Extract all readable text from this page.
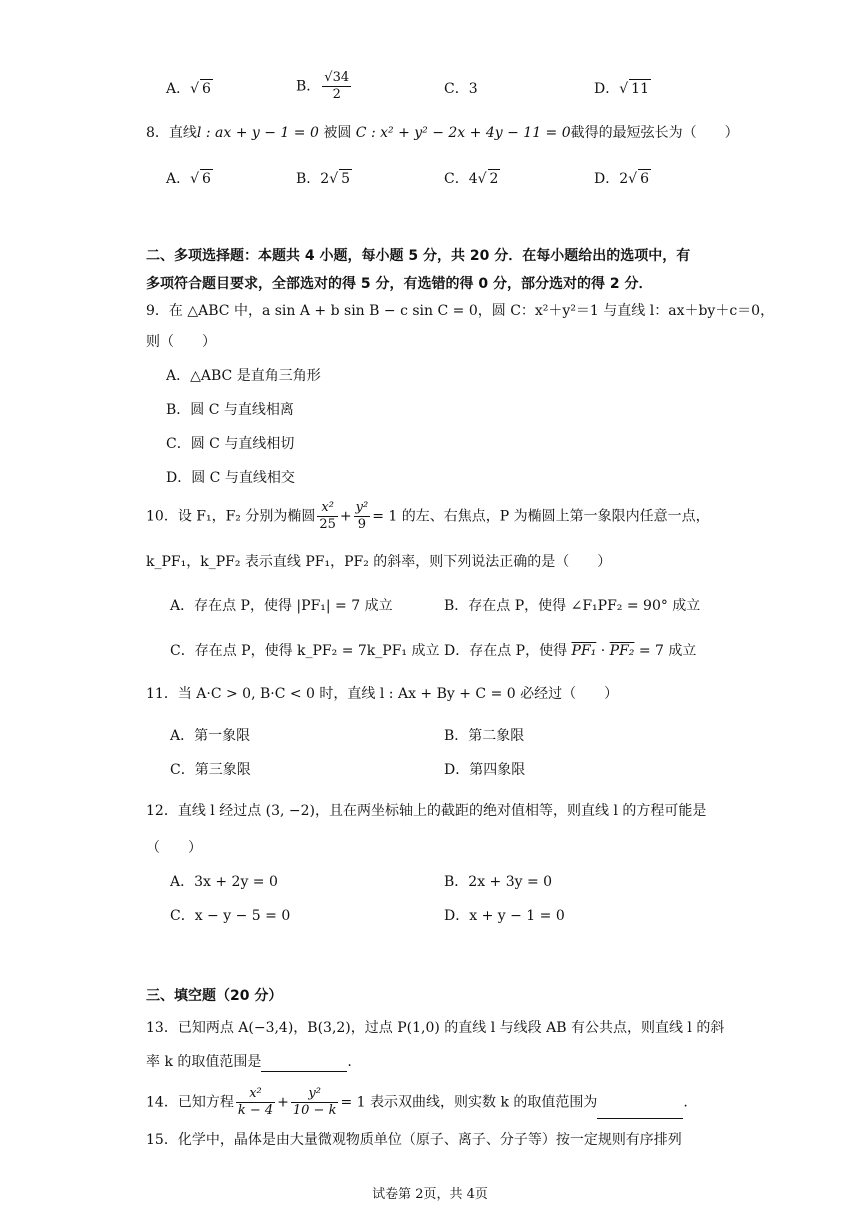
A．√ 6	B． $\frac{√34}{2}$	C．3	D．√ 11
8．直线l : ax + y − 1 = 0 被圆 C : x² + y² − 2x + 4y − 11 = 0截得的最短弦长为（　　）
A．√ 6	B．2√ 5	C．4√ 2	D．2√ 6
二、多项选择题：本题共 4 小题，每小题 5 分，共 20 分．在每小题给出的选项中，有
多项符合题目要求，全部选对的得 5 分，有选错的得 0 分，部分选对的得 2 分．
9．在 △ABC 中，a sin A + b sin B − c sin C = 0，圆 C：x²＋y²＝1 与直线 l：ax＋by＋c＝0，
则（　　）
A．△ABC 是直角三角形
B．圆 C 与直线相离
C．圆 C 与直线相切
D．圆 C 与直线相交
10．设 F₁，F₂ 分别为椭圆 $\frac{\text{x²}}{25} + \frac{\text{y²}}{9} = 1$ 的左、右焦点，P 为椭圆上第一象限内任意一点，
k_PF₁，k_PF₂ 表示直线 PF₁，PF₂ 的斜率，则下列说法正确的是（　　）
A．存在点 P，使得 |PF₁| = 7 成立	B．存在点 P，使得 ∠F₁PF₂ = 90° 成立
C．存在点 P，使得 k_PF₂ = 7k_PF₁ 成立 D．存在点 P，使得 PF₁ · PF₂ = 7 成立
11．当 A·C > 0, B·C < 0 时，直线 l : Ax + By + C = 0 必经过（　　）
A．第一象限	B．第二象限
C．第三象限	D．第四象限
12．直线 l 经过点 (3, −2)，且在两坐标轴上的截距的绝对值相等，则直线 l 的方程可能是
（　　）
A．3x + 2y = 0	B．2x + 3y = 0
C．x − y − 5 = 0	D．x + y − 1 = 0
三、填空题（20 分）
13．已知两点 A(−3,4)，B(3,2)，过点 P(1,0) 的直线 l 与线段 AB 有公共点，则直线 l 的斜
率 k 的取值范围是	.
14．已知方程 $\frac{\text{x²}}{k - 4} + \frac{\text{y²}}{10 - k} = 1$ 表示双曲线，则实数 k 的取值范围为	.
15．化学中，晶体是由大量微观物质单位（原子、离子、分子等）按一定规则有序排列
试卷第 2页，共 4页
